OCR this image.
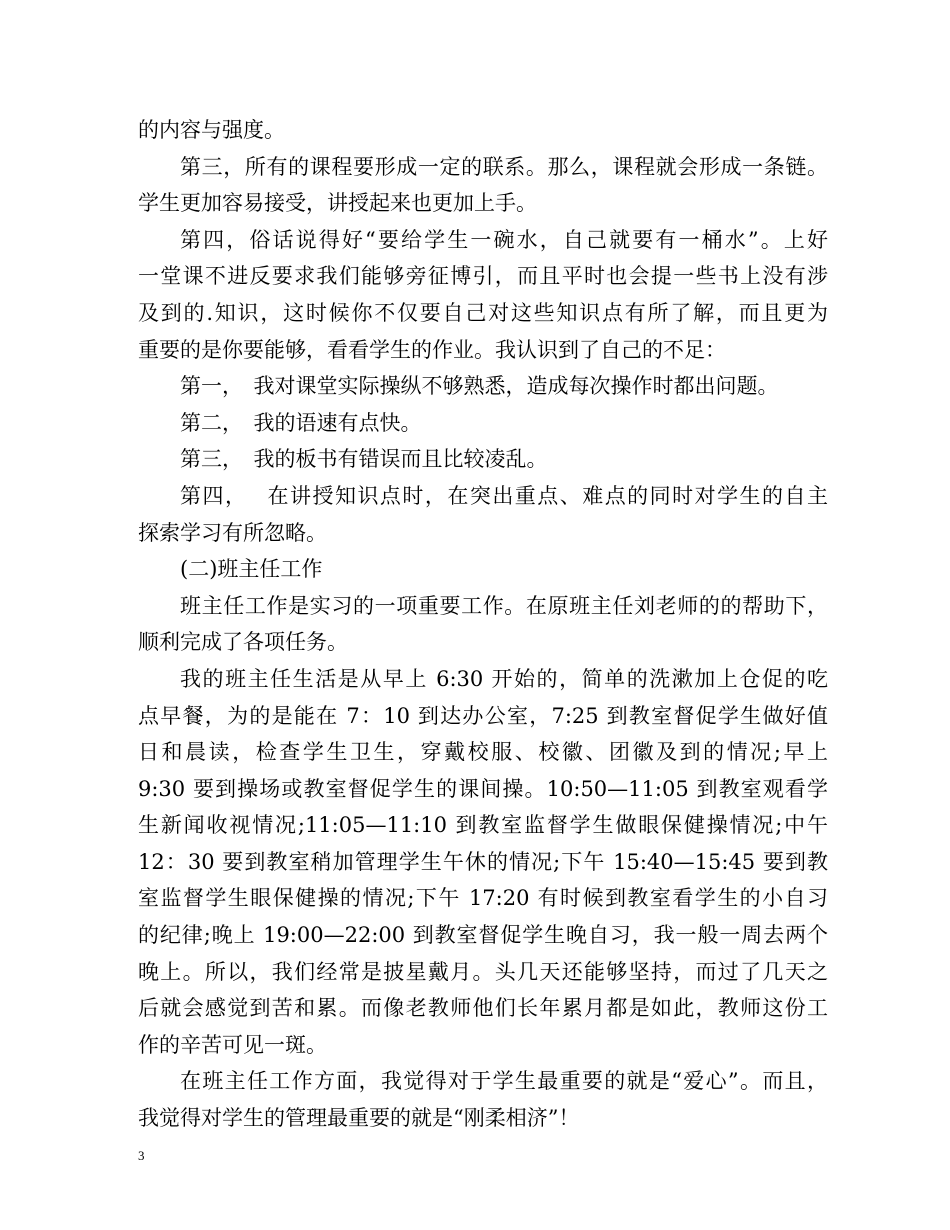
的内容与强度。
第三，所有的课程要形成一定的联系。那么，课程就会形成一条链。
学生更加容易接受，讲授起来也更加上手。
第四，俗话说得好“要给学生一碗水，自己就要有一桶水”。上好
一堂课不进反要求我们能够旁征博引，而且平时也会提一些书上没有涉
及到的.知识，这时候你不仅要自己对这些知识点有所了解，而且更为
重要的是你要能够，看看学生的作业。我认识到了自己的不足：
第一，　我对课堂实际操纵不够熟悉，造成每次操作时都出问题。
第二，　我的语速有点快。
第三，　我的板书有错误而且比较凌乱。
第四，　 在讲授知识点时，在突出重点、难点的同时对学生的自主
探索学习有所忽略。
(二)班主任工作
班主任工作是实习的一项重要工作。在原班主任刘老师的的帮助下，
顺利完成了各项任务。
我的班主任生活是从早上 6:30 开始的，简单的洗漱加上仓促的吃
点早餐，为的是能在 7：10 到达办公室，7:25 到教室督促学生做好值
日和晨读，检查学生卫生，穿戴校服、校徽、团徽及到的情况;早上
9:30 要到操场或教室督促学生的课间操。10:50—11:05 到教室观看学
生新闻收视情况;11:05—11:10 到教室监督学生做眼保健操情况;中午
12：30 要到教室稍加管理学生午休的情况;下午 15:40—15:45 要到教
室监督学生眼保健操的情况;下午 17:20 有时候到教室看学生的小自习
的纪律;晚上 19:00—22:00 到教室督促学生晚自习，我一般一周去两个
晚上。所以，我们经常是披星戴月。头几天还能够坚持，而过了几天之
后就会感觉到苦和累。而像老教师他们长年累月都是如此，教师这份工
作的辛苦可见一斑。
在班主任工作方面，我觉得对于学生最重要的就是“爱心”。而且，
我觉得对学生的管理最重要的就是“刚柔相济”！
3
